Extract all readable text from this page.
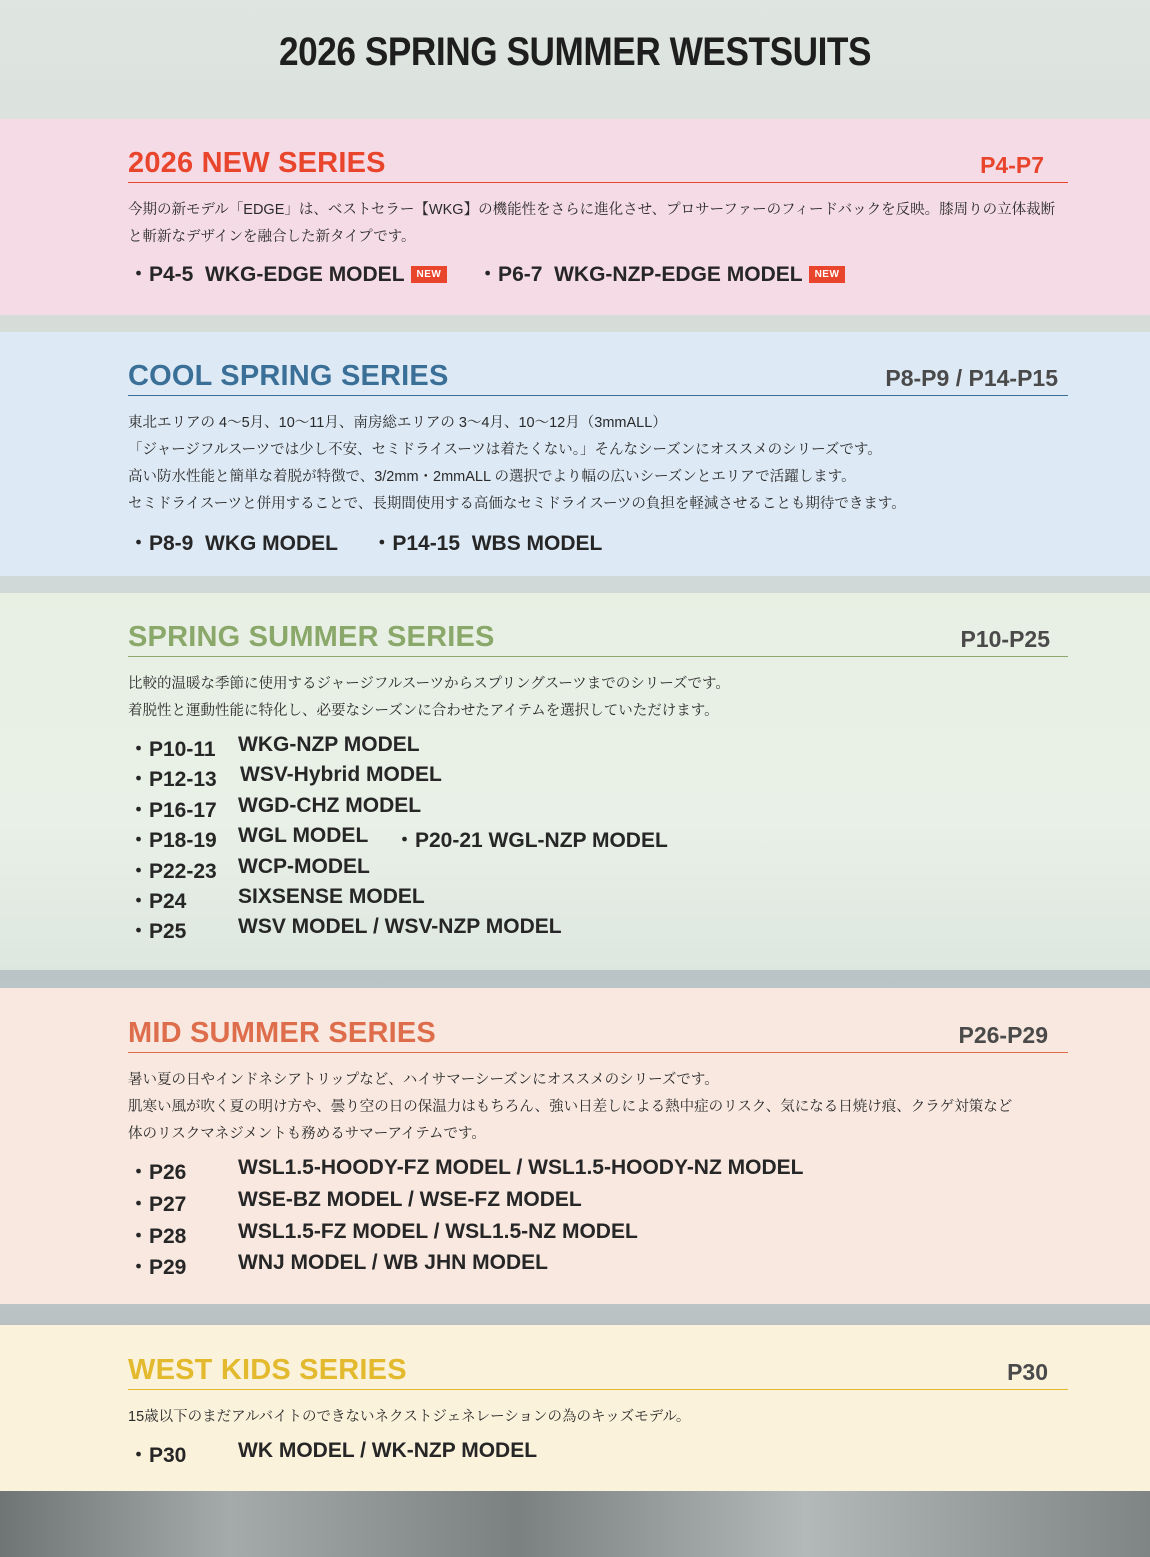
2026 SPRING SUMMER WESTSUITS
2026 NEW SERIES	P4-P7
今期の新モデル「EDGE」は、ベストセラー【WKG】の機能性をさらに進化させ、プロサーファーのフィードバックを反映。膝周りの立体裁断
と斬新なデザインを融合した新タイプです。
・P4-5 WKG-EDGE MODEL NEW ・P6-7 WKG-NZP-EDGE MODEL NEW
COOL SPRING SERIES	P8-P9 / P14-P15
東北エリアの 4～5月、10～11月、南房総エリアの 3～4月、10～12月（3mmALL）
「ジャージフルスーツでは少し不安、セミドライスーツは着たくない。」そんなシーズンにオススメのシリーズです。
高い防水性能と簡単な着脱が特徴で、3/2mm・2mmALL の選択でより幅の広いシーズンとエリアで活躍します。
セミドライスーツと併用することで、長期間使用する高価なセミドライスーツの負担を軽減させることも期待できます。
・P8-9 WKG MODEL ・P14-15 WBS MODEL
SPRING SUMMER SERIES	P10-P25
比較的温暖な季節に使用するジャージフルスーツからスプリングスーツまでのシリーズです。
着脱性と運動性能に特化し、必要なシーズンに合わせたアイテムを選択していただけます。
・P10-11 WKG-NZP MODEL
・P12-13 WSV-Hybrid MODEL
・P16-17 WGD-CHZ MODEL
・P18-19 WGL MODEL ・P20-21 WGL-NZP MODEL
・P22-23 WCP-MODEL
・P24 SIXSENSE MODEL
・P25 WSV MODEL / WSV-NZP MODEL
MID SUMMER SERIES	P26-P29
暑い夏の日やインドネシアトリップなど、ハイサマーシーズンにオススメのシリーズです。
肌寒い風が吹く夏の明け方や、曇り空の日の保温力はもちろん、強い日差しによる熱中症のリスク、気になる日焼け痕、クラゲ対策など
体のリスクマネジメントも務めるサマーアイテムです。
・P26 WSL1.5-HOODY-FZ MODEL / WSL1.5-HOODY-NZ MODEL
・P27 WSE-BZ MODEL / WSE-FZ MODEL
・P28 WSL1.5-FZ MODEL / WSL1.5-NZ MODEL
・P29 WNJ MODEL / WB JHN MODEL
WEST KIDS SERIES	P30
15歳以下のまだアルバイトのできないネクストジェネレーションの為のキッズモデル。
・P30 WK MODEL / WK-NZP MODEL
